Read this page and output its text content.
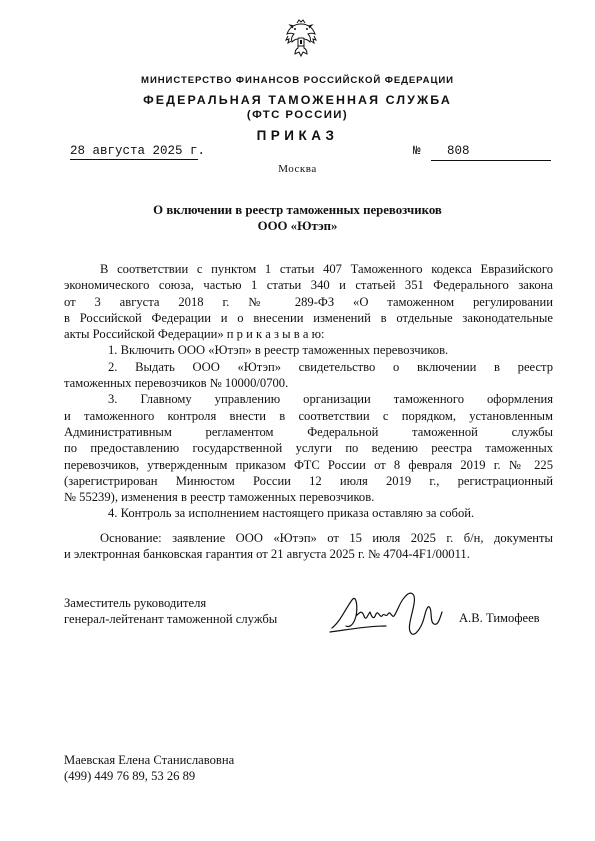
МИНИСТЕРСТВО ФИНАНСОВ РОССИЙСКОЙ ФЕДЕРАЦИИ
ФЕДЕРАЛЬНАЯ ТАМОЖЕННАЯ СЛУЖБА
(ФТС РОССИИ)
ПРИКАЗ
28 августа 2025 г.	№ 808
Москва
О включении в реестр таможенных перевозчиков
ООО «Ютэп»

В соответствии с пунктом 1 статьи 407 Таможенного кодекса Евразийского

экономического союза, частью 1 статьи 340 и статьей 351 Федерального закона

от 3 августа 2018 г. № 289-ФЗ «О таможенном регулировании

в Российской Федерации и о внесении изменений в отдельные законодательные

акты Российской Федерации» п р и к а з ы в а ю:

1. Включить ООО «Ютэп» в реестр таможенных перевозчиков.

2. Выдать ООО «Ютэп» свидетельство о включении в реестр

таможенных перевозчиков № 10000/0700.

3. Главному управлению организации таможенного оформления

и таможенного контроля внести в соответствии с порядком, установленным

Административным регламентом Федеральной таможенной службы

по предоставлению государственной услуги по ведению реестра таможенных

перевозчиков, утвержденным приказом ФТС России от 8 февраля 2019 г. № 225

(зарегистрирован Минюстом России 12 июля 2019 г., регистрационный

№ 55239), изменения в реестр таможенных перевозчиков.

4. Контроль за исполнением настоящего приказа оставляю за собой.

Основание: заявление ООО «Ютэп» от 15 июля 2025 г. б/н, документы

и электронная банковская гарантия от 21 августа 2025 г. № 4704-4F1/00011.

Заместитель руководителя
генерал-лейтенант таможенной службы	А.В. Тимофеев
Маевская Елена Станиславовна
(499) 449 76 89, 53 26 89
